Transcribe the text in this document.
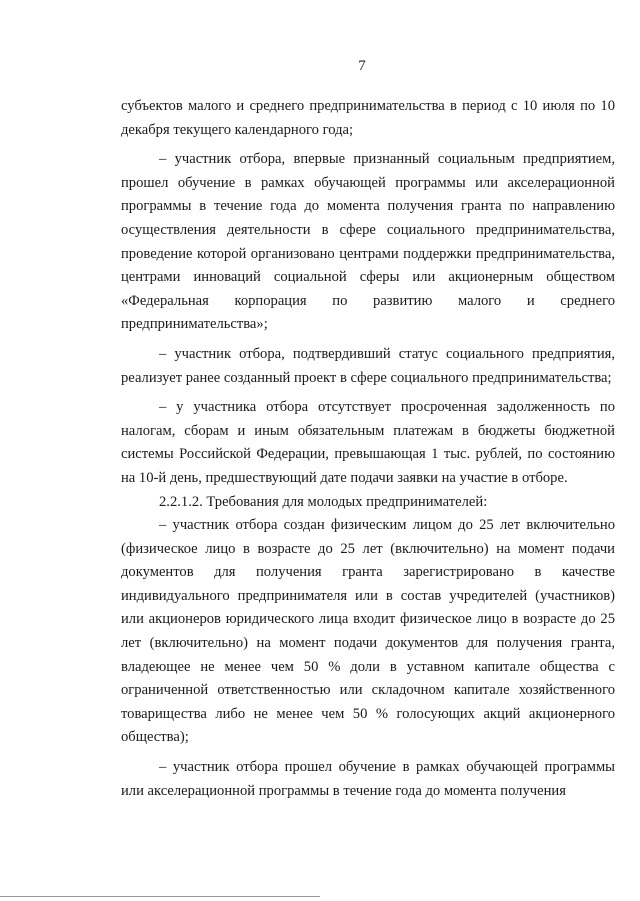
7

субъектов малого и среднего предпринимательства в период с 10 июля по 10 декабря текущего календарного года;

– участник отбора, впервые признанный социальным предприятием, прошел обучение в рамках обучающей программы или акселерационной программы в течение года до момента получения гранта по направлению осуществления деятельности в сфере социального предпринимательства, проведение которой организовано центрами поддержки предпринимательства, центрами инноваций социальной сферы или акционерным обществом «Федеральная корпорация по развитию малого и среднего предпринимательства»;

– участник отбора, подтвердивший статус социального предприятия, реализует ранее созданный проект в сфере социального предпринимательства;

– у участника отбора отсутствует просроченная задолженность по налогам, сборам и иным обязательным платежам в бюджеты бюджетной системы Российской Федерации, превышающая 1 тыс. рублей, по состоянию на 10-й день, предшествующий дате подачи заявки на участие в отборе.

2.2.1.2. Требования для молодых предпринимателей:

– участник отбора создан физическим лицом до 25 лет включительно (физическое лицо в возрасте до 25 лет (включительно) на момент подачи документов для получения гранта зарегистрировано в качестве индивидуального предпринимателя или в состав учредителей (участников) или акционеров юридического лица входит физическое лицо в возрасте до 25 лет (включительно) на момент подачи документов для получения гранта, владеющее не менее чем 50 % доли в уставном капитале общества с ограниченной ответственностью или складочном капитале хозяйственного товарищества либо не менее чем 50 % голосующих акций акционерного общества);

– участник отбора прошел обучение в рамках обучающей программы или акселерационной программы в течение года до момента получения
